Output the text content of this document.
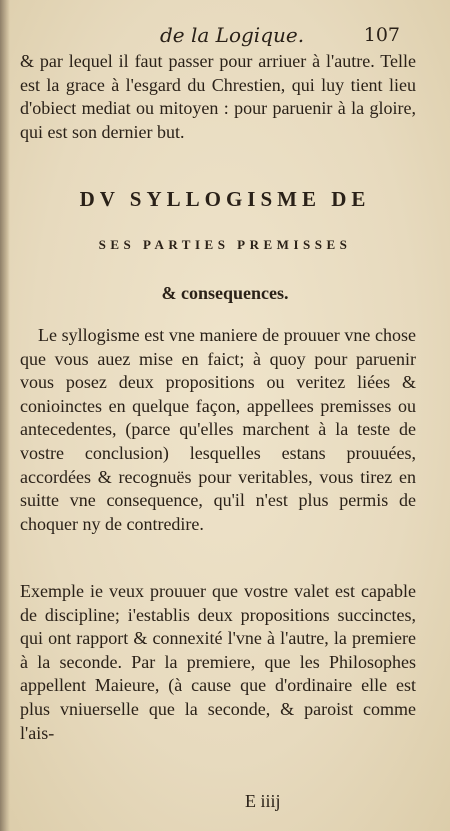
de la Logique.	107

& par lequel il faut passer pour arriuer à l'autre. Telle est la grace à l'esgard du Chrestien, qui luy tient lieu d'obiect mediat ou mitoyen : pour paruenir à la gloire, qui est son dernier but.

DV SYLLOGISME DE
SES PARTIES PREMISSES
& consequences.

Le syllogisme est vne maniere de prouuer vne chose que vous auez mise en faict; à quoy pour paruenir vous posez deux propositions ou veritez liées & conioinctes en quelque façon, appellees premisses ou antecedentes, (parce qu'elles marchent à la teste de vostre conclusion) lesquelles estans prouuées, accordées & recognuës pour veritables, vous tirez en suitte vne consequence, qu'il n'est plus permis de choquer ny de contredire.

Exemple ie veux prouuer que vostre valet est capable de discipline; i'establis deux propositions succinctes, qui ont rapport & connexité l'vne à l'autre, la premiere à la seconde. Par la premiere, que les Philosophes appellent Maieure, (à cause que d'ordinaire elle est plus vniuerselle que la seconde, & paroist comme l'ais-

E iiij
